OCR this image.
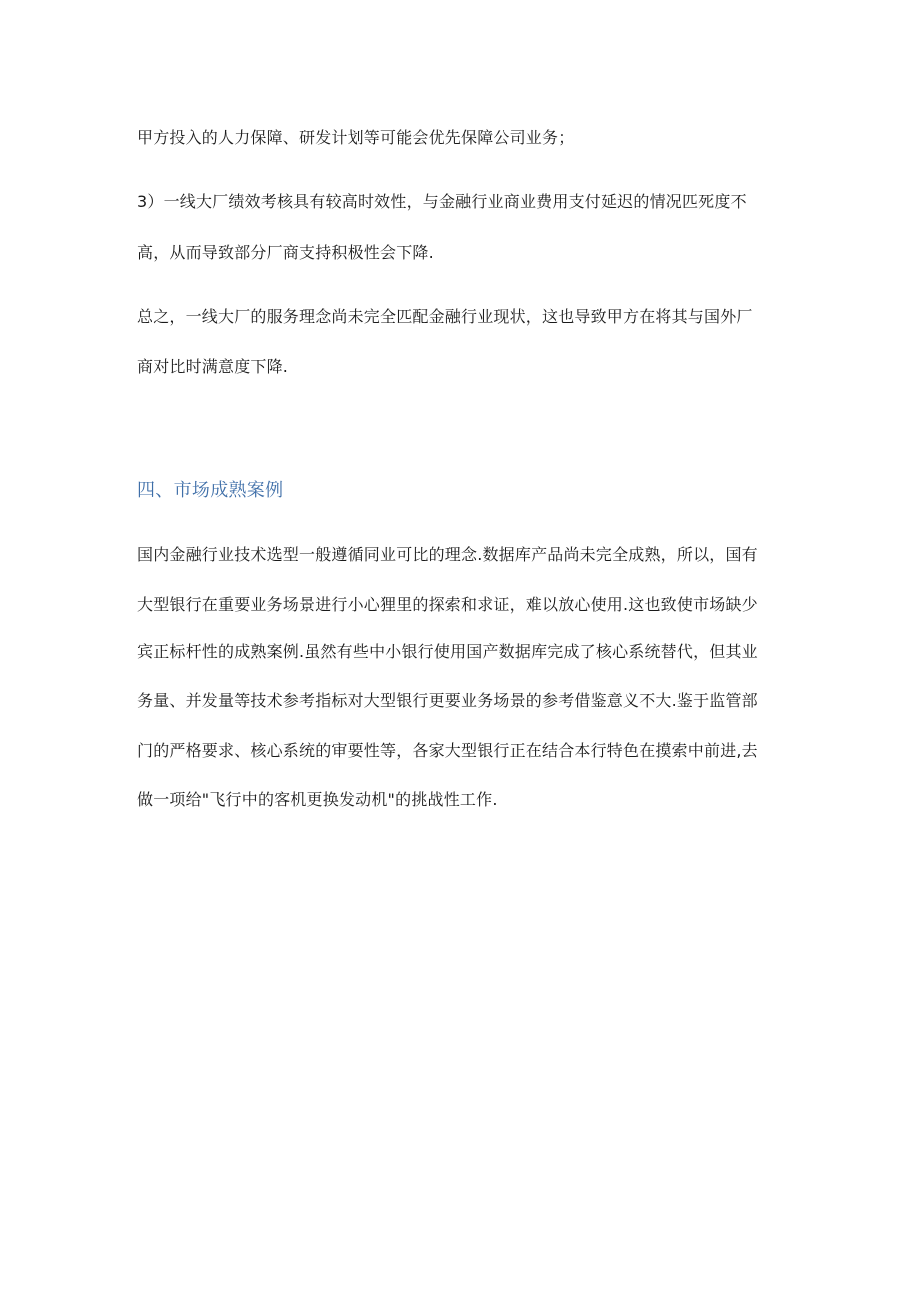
甲方投入的人力保障、研发计划等可能会优先保障公司业务；
3）一线大厂绩效考核具有较高时效性，与金融行业商业费用支付延迟的情况匹死度不
高，从而导致部分厂商支持积极性会下降.
总之，一线大厂的服务理念尚未完全匹配金融行业现状，这也导致甲方在将其与国外厂
商对比时满意度下降.
四、市场成熟案例
国内金融行业技术选型一般遵循同业可比的理念.数据库产品尚未完全成熟，所以，国有
大型银行在重要业务场景进行小心狸里的探索和求证，难以放心使用.这也致使市场缺少
宾正标杆性的成熟案例.虽然有些中小银行使用国产数据库完成了核心系统替代，但其业
务量、并发量等技术参考指标对大型银行更要业务场景的参考借鉴意义不大.鉴于监管部
门的严格要求、核心系统的审要性等，各家大型银行正在结合本行特色在摸索中前进,去
做一项给"飞行中的客机更换发动机"的挑战性工作.
